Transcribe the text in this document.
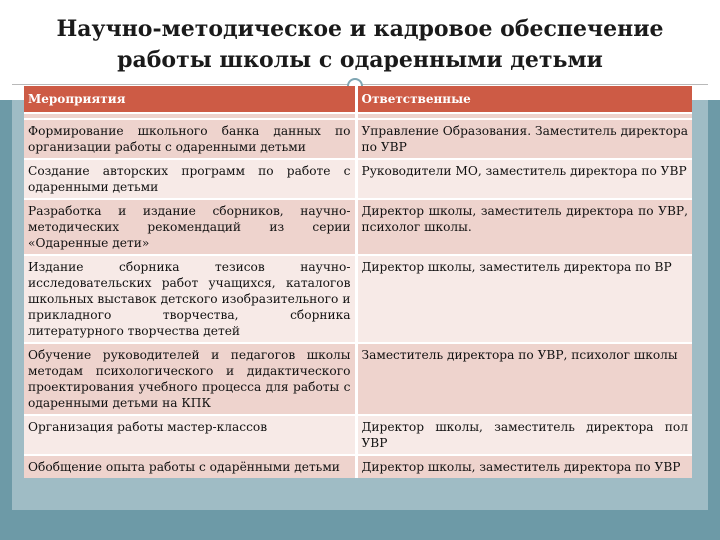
Научно-методическое и кадровое обеспечение работы школы с одаренными детьми
Мероприятия	Ответственные

Формирование школьного банка данных по организации работы с одаренными детьми	Управление Образования. Заместитель директора по УВР
Создание авторских программ по работе с одаренными детьми	Руководители МО, заместитель директора по УВР
Разработка и издание сборников, научно-методических рекомендаций из серии «Одаренные дети»	Директор школы, заместитель директора по УВР, психолог школы.
Издание сборника тезисов научно-исследовательских работ учащихся, каталогов школьных выставок детского изобразительного и прикладного творчества, сборника литературного творчества детей	Директор школы, заместитель директора по ВР
Обучение руководителей и педагогов школы методам психологического и дидактического проектирования учебного процесса для работы с одаренными детьми на КПК	Заместитель директора по УВР, психолог школы
Организация работы мастер-классов	Директор школы, заместитель директора пол УВР
Обобщение опыта работы с одарёнными детьми	Директор школы, заместитель директора по УВР
